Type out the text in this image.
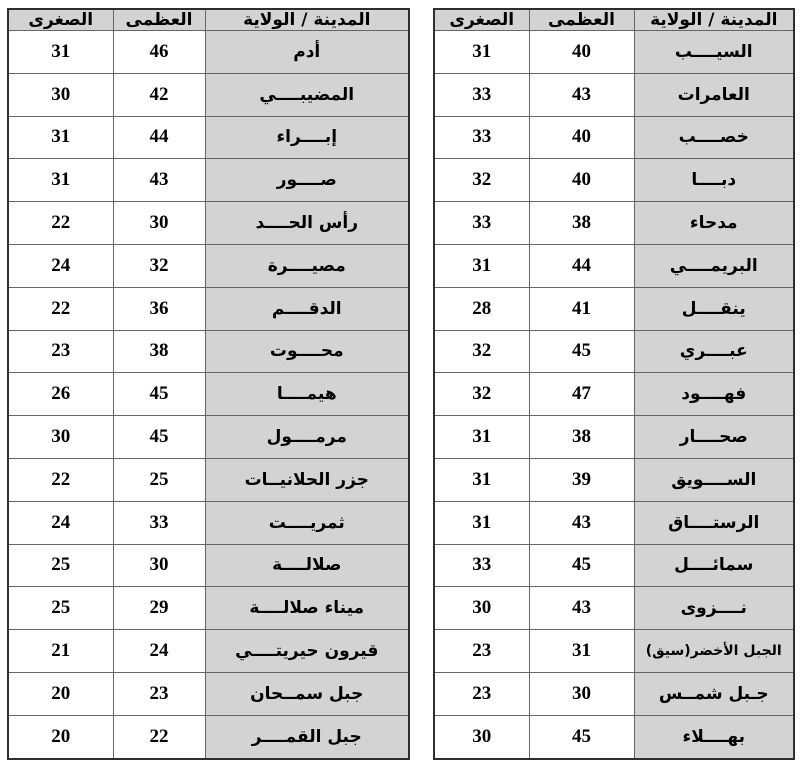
المدينة / الولاية	العظمى	الصغرى
السيــــب	40	31
العامرات	43	33
خصــــب	40	33
دبــــا	40	32
مدحاء	38	33
البريمــــي	44	31
ينقــــل	41	28
عبــــري	45	32
فهــــود	47	32
صحــــار	38	31
الســــويق	39	31
الرستــــاق	43	31
سمائــــل	45	33
نــــزوى	43	30
الجبل الأخضر(سيق)	31	23
جـبل شمــس	30	23
بهــــلاء	45	30
المدينة / الولاية	العظمى	الصغرى
أدم	46	31
المضيبــــي	42	30
إبــــراء	44	31
صــــور	43	31
رأس الحــــد	30	22
مصيــــرة	32	24
الدقــــم	36	22
محــــوت	38	23
هيمــــا	45	26
مرمــــول	45	30
جزر الحلانيــات	25	22
ثمريــــت	33	24
صلالــــة	30	25
ميناء صلالــــة	29	25
قيرون حيريتــــي	24	21
جبل سمــحان	23	20
جبل القمــــر	22	20
